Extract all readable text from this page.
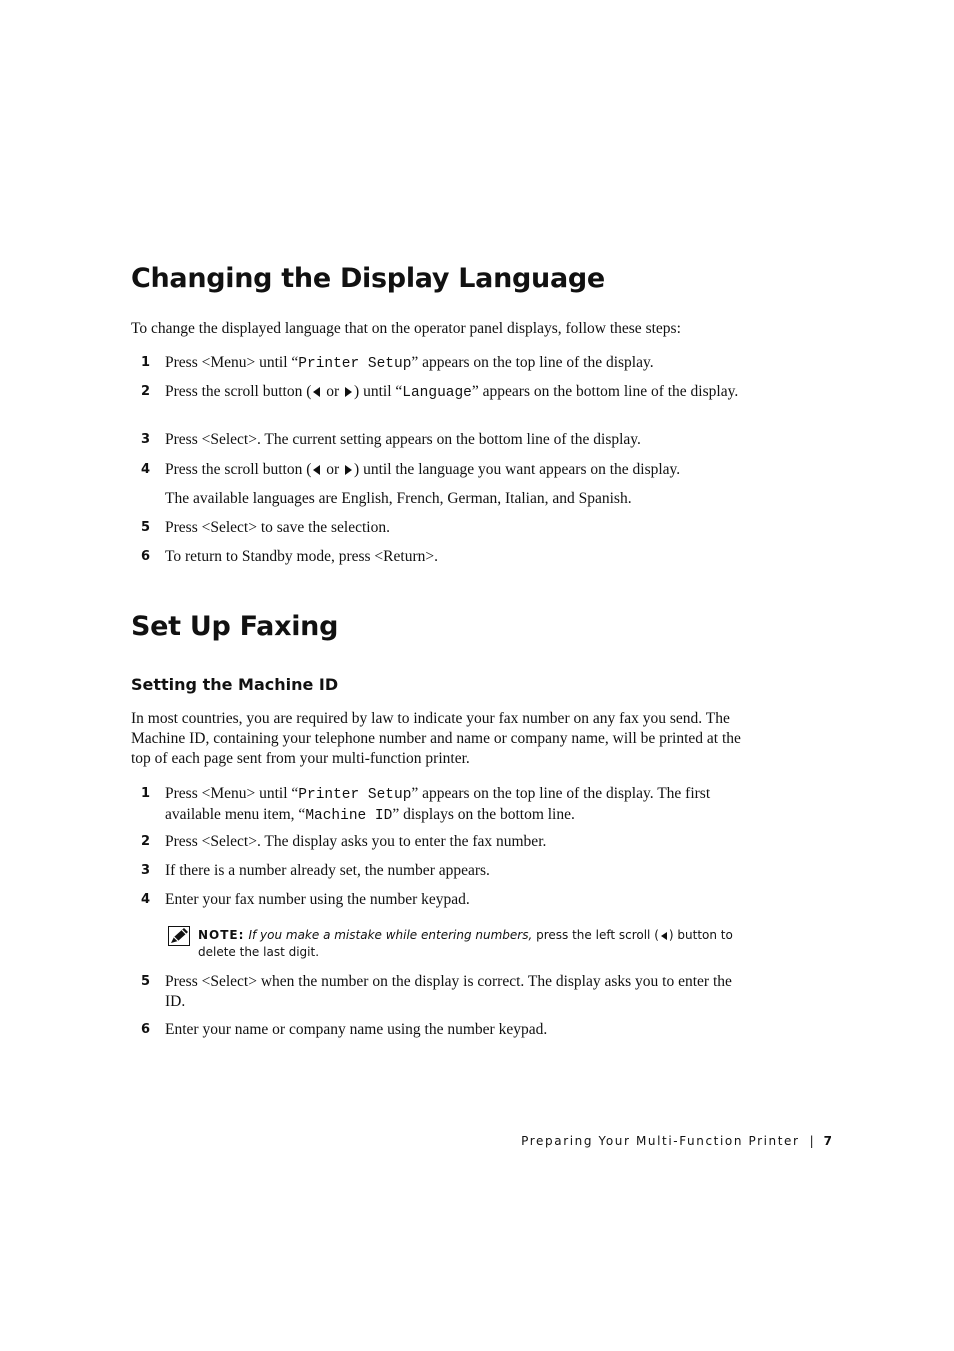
Changing the Display Language

To change the displayed language that on the operator panel displays, follow these steps:

1 Press <Menu> until “Printer Setup” appears on the top line of the display.
2 Press the scroll button ( or ) until “Language” appears on the bottom line of the display.
3 Press <Select>. The current setting appears on the bottom line of the display.
4 Press the scroll button ( or ) until the language you want appears on the display.
The available languages are English, French, German, Italian, and Spanish.
5 Press <Select> to save the selection.
6 To return to Standby mode, press <Return>.
Set Up Faxing
Setting the Machine ID

In most countries, you are required by law to indicate your fax number on any fax you send. The Machine ID, containing your telephone number and name or company name, will be printed at the top of each page sent from your multi-function printer.

1 Press <Menu> until “Printer Setup” appears on the top line of the display. The first available menu item, “Machine ID” displays on the bottom line.
2 Press <Select>. The display asks you to enter the fax number.
3 If there is a number already set, the number appears.
4 Enter your fax number using the number keypad.
NOTE: If you make a mistake while entering numbers, press the left scroll ( ) button to delete the last digit.
5 Press <Select> when the number on the display is correct. The display asks you to enter the ID.
6 Enter your name or company name using the number keypad.
Preparing Your Multi-Function Printer | 7
